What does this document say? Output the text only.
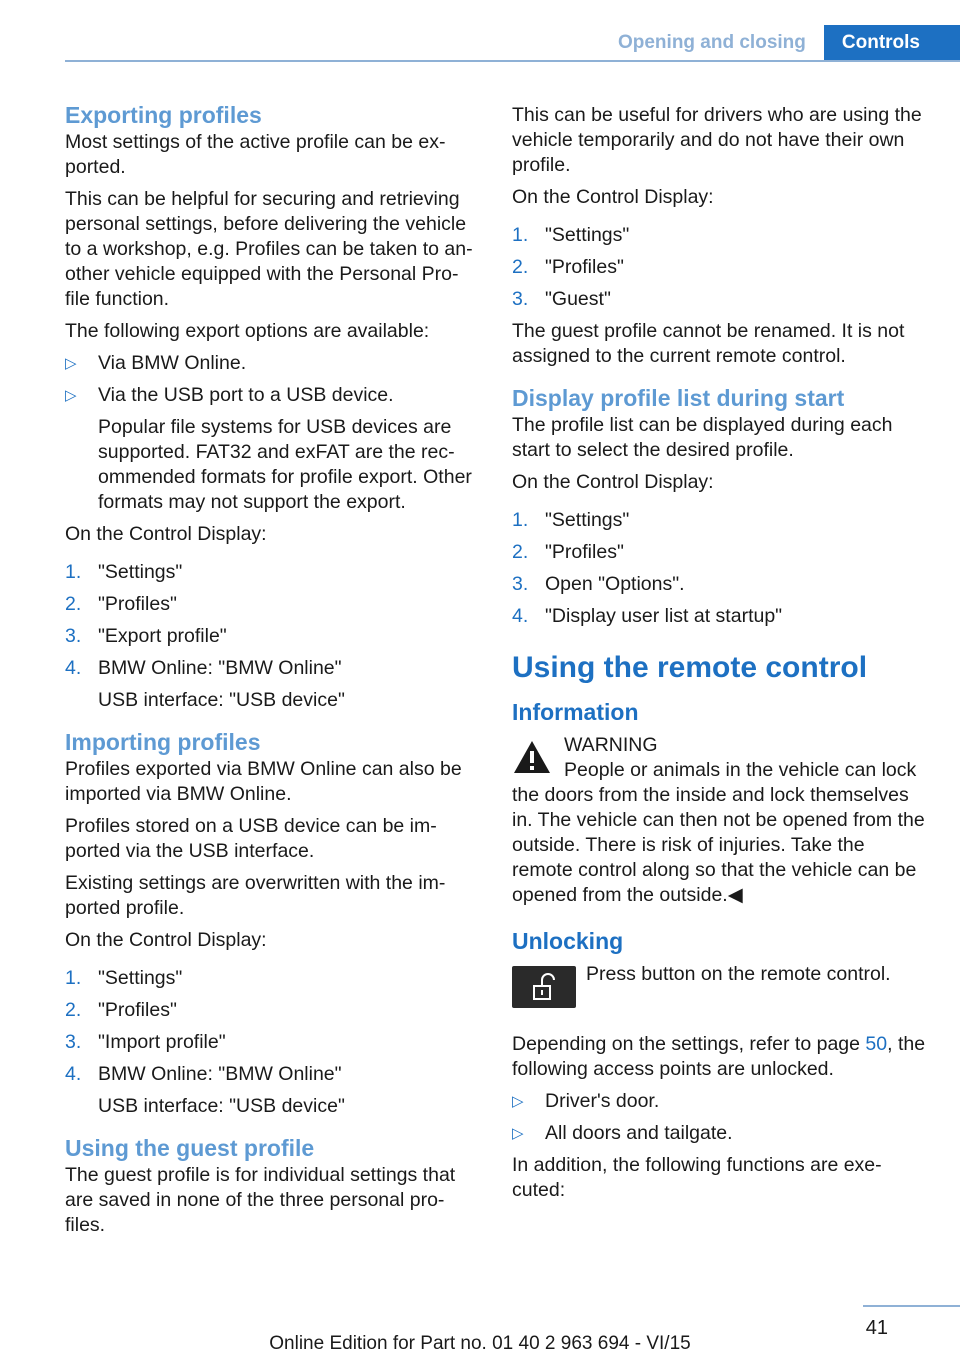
Opening and closing	Controls
Exporting profiles

Most settings of the active profile can be ex-ported.

This can be helpful for securing and retrieving personal settings, before delivering the vehicle to a workshop, e.g. Profiles can be taken to an-other vehicle equipped with the Personal Pro-file function.

The following export options are available:

▷ Via BMW Online.
▷ Via the USB port to a USB device.
Popular file systems for USB devices are supported. FAT32 and exFAT are the rec-ommended formats for profile export. Other formats may not support the export.

On the Control Display:

1. "Settings"
2. "Profiles"
3. "Export profile"
4. BMW Online: "BMW Online"
USB interface: "USB device"
Importing profiles

Profiles exported via BMW Online can also be imported via BMW Online.

Profiles stored on a USB device can be im-ported via the USB interface.

Existing settings are overwritten with the im-ported profile.

On the Control Display:

1. "Settings"
2. "Profiles"
3. "Import profile"
4. BMW Online: "BMW Online"
USB interface: "USB device"
Using the guest profile

The guest profile is for individual settings that are saved in none of the three personal pro-files.

This can be useful for drivers who are using the vehicle temporarily and do not have their own profile.

On the Control Display:

1. "Settings"
2. "Profiles"
3. "Guest"

The guest profile cannot be renamed. It is not assigned to the current remote control.

Display profile list during start

The profile list can be displayed during each start to select the desired profile.

On the Control Display:

1. "Settings"
2. "Profiles"
3. Open "Options".
4. "Display user list at startup"
Using the remote control
Information
WARNING
People or animals in the vehicle can lock the doors from the inside and lock themselves in. The vehicle can then not be opened from the outside. There is risk of injuries. Take the remote control along so that the vehicle can be opened from the outside.◀
Unlocking

Press button on the remote control.

Depending on the settings, refer to page 50, the following access points are unlocked.

▷ Driver's door.
▷ All doors and tailgate.

In addition, the following functions are exe-cuted:

41
Online Edition for Part no. 01 40 2 963 694 - VI/15
